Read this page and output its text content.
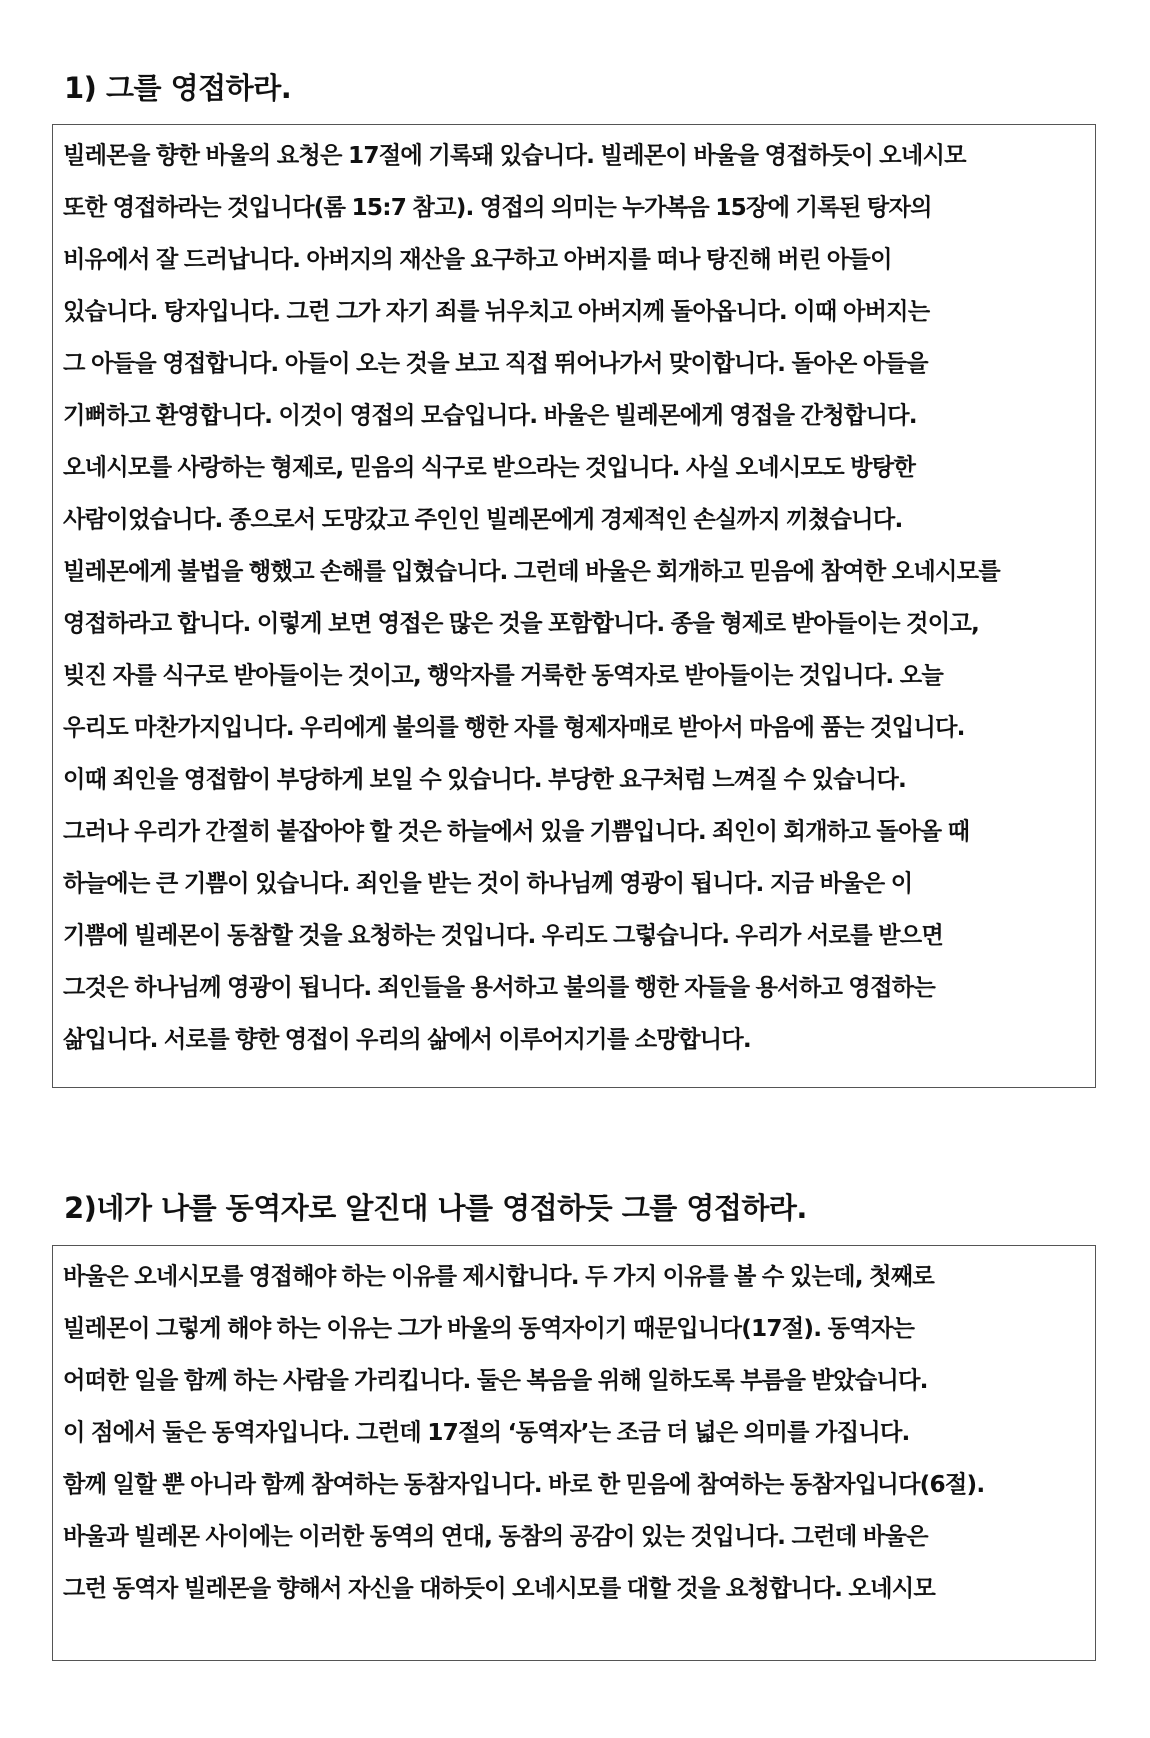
1) 그를 영접하라.
빌레몬을 향한 바울의 요청은 17절에 기록돼 있습니다. 빌레몬이 바울을 영접하듯이 오네시모
또한 영접하라는 것입니다(롬 15:7 참고). 영접의 의미는 누가복음 15장에 기록된 탕자의
비유에서 잘 드러납니다. 아버지의 재산을 요구하고 아버지를 떠나 탕진해 버린 아들이
있습니다. 탕자입니다. 그런 그가 자기 죄를 뉘우치고 아버지께 돌아옵니다. 이때 아버지는
그 아들을 영접합니다. 아들이 오는 것을 보고 직접 뛰어나가서 맞이합니다. 돌아온 아들을
기뻐하고 환영합니다. 이것이 영접의 모습입니다. 바울은 빌레몬에게 영접을 간청합니다.
오네시모를 사랑하는 형제로, 믿음의 식구로 받으라는 것입니다. 사실 오네시모도 방탕한
사람이었습니다. 종으로서 도망갔고 주인인 빌레몬에게 경제적인 손실까지 끼쳤습니다.
빌레몬에게 불법을 행했고 손해를 입혔습니다. 그런데 바울은 회개하고 믿음에 참여한 오네시모를
영접하라고 합니다. 이렇게 보면 영접은 많은 것을 포함합니다. 종을 형제로 받아들이는 것이고,
빚진 자를 식구로 받아들이는 것이고, 행악자를 거룩한 동역자로 받아들이는 것입니다. 오늘
우리도 마찬가지입니다. 우리에게 불의를 행한 자를 형제자매로 받아서 마음에 품는 것입니다.
이때 죄인을 영접함이 부당하게 보일 수 있습니다. 부당한 요구처럼 느껴질 수 있습니다.
그러나 우리가 간절히 붙잡아야 할 것은 하늘에서 있을 기쁨입니다. 죄인이 회개하고 돌아올 때
하늘에는 큰 기쁨이 있습니다. 죄인을 받는 것이 하나님께 영광이 됩니다. 지금 바울은 이
기쁨에 빌레몬이 동참할 것을 요청하는 것입니다. 우리도 그렇습니다. 우리가 서로를 받으면
그것은 하나님께 영광이 됩니다. 죄인들을 용서하고 불의를 행한 자들을 용서하고 영접하는
삶입니다. 서로를 향한 영접이 우리의 삶에서 이루어지기를 소망합니다.
2)네가 나를 동역자로 알진대 나를 영접하듯 그를 영접하라.
바울은 오네시모를 영접해야 하는 이유를 제시합니다. 두 가지 이유를 볼 수 있는데, 첫째로
빌레몬이 그렇게 해야 하는 이유는 그가 바울의 동역자이기 때문입니다(17절). 동역자는
어떠한 일을 함께 하는 사람을 가리킵니다. 둘은 복음을 위해 일하도록 부름을 받았습니다.
이 점에서 둘은 동역자입니다. 그런데 17절의 ‘동역자’는 조금 더 넓은 의미를 가집니다.
함께 일할 뿐 아니라 함께 참여하는 동참자입니다. 바로 한 믿음에 참여하는 동참자입니다(6절).
바울과 빌레몬 사이에는 이러한 동역의 연대, 동참의 공감이 있는 것입니다. 그런데 바울은
그런 동역자 빌레몬을 향해서 자신을 대하듯이 오네시모를 대할 것을 요청합니다. 오네시모
